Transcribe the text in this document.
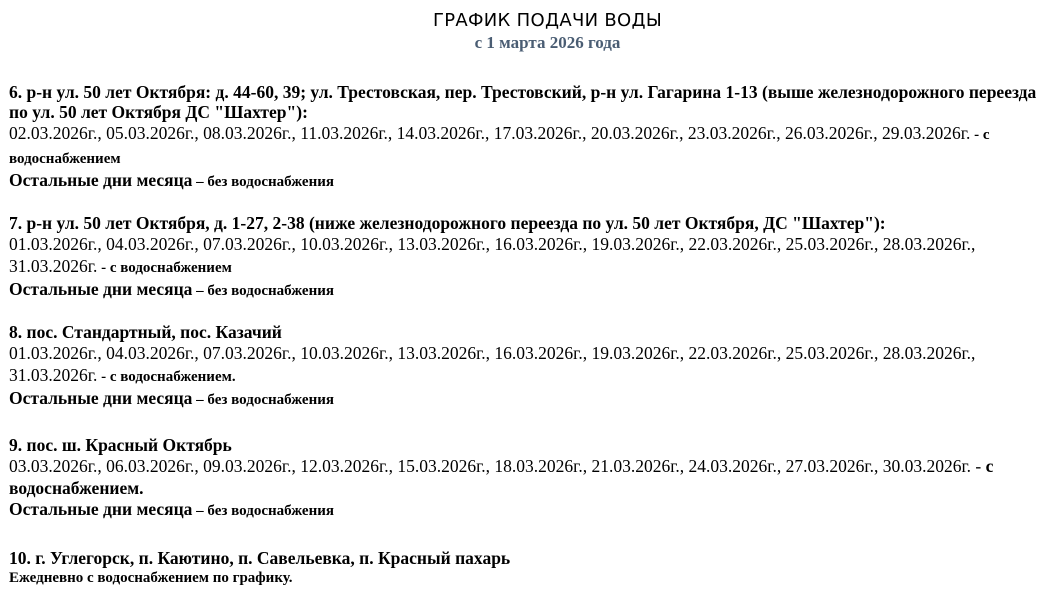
ГРАФИК ПОДАЧИ ВОДЫ
с 1 марта 2026 года
6. р-н ул. 50 лет Октября: д. 44-60, 39; ул. Трестовская, пер. Трестовский, р-н ул. Гагарина 1-13 (выше железнодорожного переезда по ул. 50 лет Октября ДС "Шахтер"):
02.03.2026г., 05.03.2026г., 08.03.2026г., 11.03.2026г., 14.03.2026г., 17.03.2026г., 20.03.2026г., 23.03.2026г., 26.03.2026г., 29.03.2026г. - с водоснабжением
Остальные дни месяца – без водоснабжения
7. р-н ул. 50 лет Октября, д. 1-27, 2-38 (ниже железнодорожного переезда по ул. 50 лет Октября, ДС "Шахтер"):
01.03.2026г., 04.03.2026г., 07.03.2026г., 10.03.2026г., 13.03.2026г., 16.03.2026г., 19.03.2026г., 22.03.2026г., 25.03.2026г., 28.03.2026г., 31.03.2026г. - с водоснабжением
Остальные дни месяца – без водоснабжения
8. пос. Стандартный, пос. Казачий
01.03.2026г., 04.03.2026г., 07.03.2026г., 10.03.2026г., 13.03.2026г., 16.03.2026г., 19.03.2026г., 22.03.2026г., 25.03.2026г., 28.03.2026г., 31.03.2026г. - с водоснабжением.
Остальные дни месяца – без водоснабжения
9. пос. ш. Красный Октябрь
03.03.2026г., 06.03.2026г., 09.03.2026г., 12.03.2026г., 15.03.2026г., 18.03.2026г., 21.03.2026г., 24.03.2026г., 27.03.2026г., 30.03.2026г. - с водоснабжением.
Остальные дни месяца – без водоснабжения
10. г. Углегорск, п. Каютино, п. Савельевка, п. Красный пахарь
Ежедневно с водоснабжением по графику.
